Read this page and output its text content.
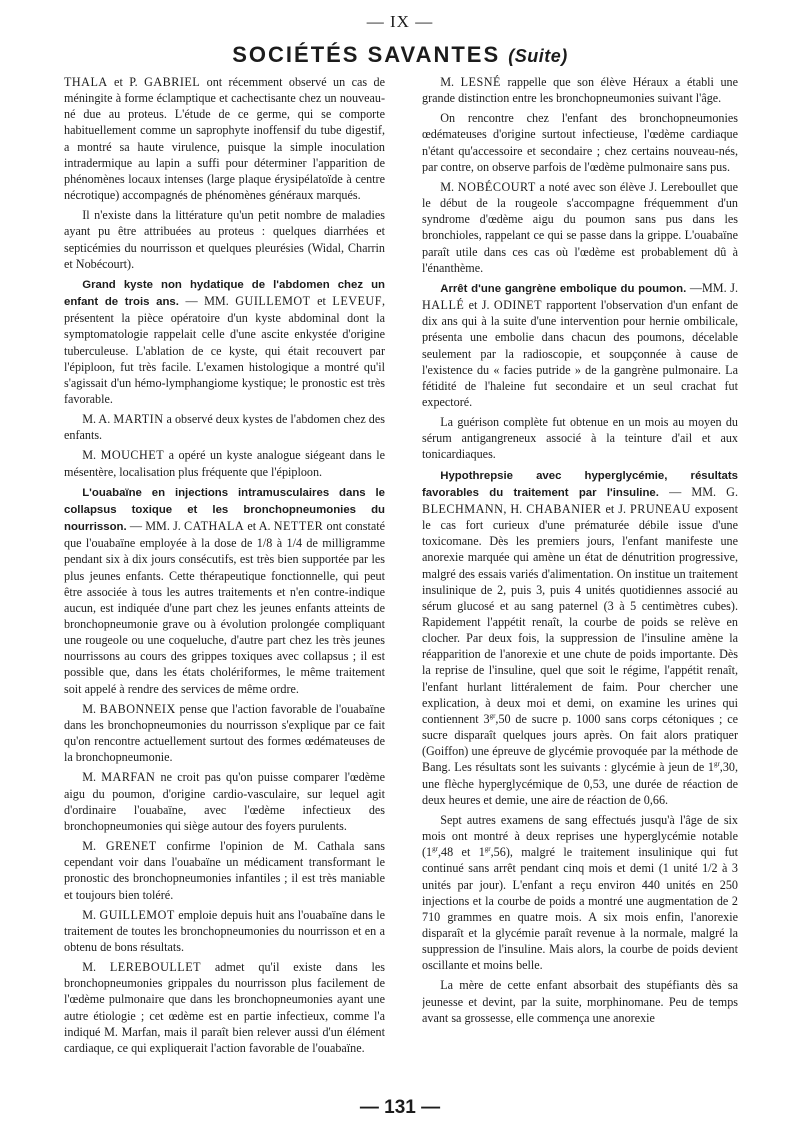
— IX —
SOCIÉTÉS SAVANTES (Suite)

THALA et P. GABRIEL ont récemment observé un cas de méningite à forme éclamptique et cachectisante chez un nouveau-né due au proteus. L'étude de ce germe, qui se comporte habituellement comme un saprophyte inoffensif du tube digestif, a montré sa haute virulence, puisque la simple inoculation intradermique au lapin a suffi pour déterminer l'apparition de phénomènes locaux intenses (large plaque érysipélatoïde à centre nécrotique) accompagnés de phénomènes généraux marqués.

Il n'existe dans la littérature qu'un petit nombre de maladies ayant pu être attribuées au proteus : quelques diarrhées et septicémies du nourrisson et quelques pleurésies (Widal, Charrin et Nobécourt).

Grand kyste non hydatique de l'abdomen chez un enfant de trois ans. — MM. GUILLEMOT et LEVEUF, présentent la pièce opératoire d'un kyste abdominal dont la symptomatologie rappelait celle d'une ascite enkystée d'origine tuberculeuse. L'ablation de ce kyste, qui était recouvert par l'épiploon, fut très facile. L'examen histologique a montré qu'il s'agissait d'un hémo-lymphangiome kystique; le pronostic est très favorable.

M. A. MARTIN a observé deux kystes de l'abdomen chez des enfants.

M. MOUCHET a opéré un kyste analogue siégeant dans le mésentère, localisation plus fréquente que l'épiploon.

L'ouabaïne en injections intramusculaires dans le collapsus toxique et les bronchopneumonies du nourrisson. — MM. J. CATHALA et A. NETTER ont constaté que l'ouabaïne employée à la dose de 1/8 à 1/4 de milligramme pendant six à dix jours consécutifs, est très bien supportée par les plus jeunes enfants. Cette thérapeutique fonctionnelle, qui peut être associée à tous les autres traitements et n'en contre-indique aucun, est indiquée d'une part chez les jeunes enfants atteints de bronchopneumonie grave ou à évolution prolongée compliquant une rougeole ou une coqueluche, d'autre part chez les très jeunes nourrissons au cours des grippes toxiques avec collapsus ; il est possible que, dans les états cholériformes, le même traitement soit appelé à rendre des services de même ordre.

M. BABONNEIX pense que l'action favorable de l'ouabaïne dans les bronchopneumonies du nourrisson s'explique par ce fait qu'on rencontre actuellement surtout des formes œdémateuses de la bronchopneumonie.

M. MARFAN ne croit pas qu'on puisse comparer l'œdème aigu du poumon, d'origine cardio-vasculaire, sur lequel agit d'ordinaire l'ouabaïne, avec l'œdème infectieux des bronchopneumonies qui siège autour des foyers purulents.

M. GRENET confirme l'opinion de M. Cathala sans cependant voir dans l'ouabaïne un médicament transformant le pronostic des bronchopneumonies infantiles ; il est très maniable et toujours bien toléré.

M. GUILLEMOT emploie depuis huit ans l'ouabaïne dans le traitement de toutes les bronchopneumonies du nourrisson et en a obtenu de bons résultats.

M. LEREBOULLET admet qu'il existe dans les bronchopneumonies grippales du nourrisson plus facilement de l'œdème pulmonaire que dans les bronchopneumonies ayant une autre étiologie ; cet œdème est en partie infectieux, comme l'a indiqué M. Marfan, mais il paraît bien relever aussi d'un élément cardiaque, ce qui expliquerait l'action favorable de l'ouabaïne.

M. LESNÉ rappelle que son élève Héraux a établi une grande distinction entre les bronchopneumonies suivant l'âge.

On rencontre chez l'enfant des bronchopneumonies œdémateuses d'origine surtout infectieuse, l'œdème cardiaque n'étant qu'accessoire et secondaire ; chez certains nouveau-nés, par contre, on observe parfois de l'œdème pulmonaire sans pus.

M. NOBÉCOURT a noté avec son élève J. Lereboullet que le début de la rougeole s'accompagne fréquemment d'un syndrome d'œdème aigu du poumon sans pus dans les bronchioles, rappelant ce qui se passe dans la grippe. L'ouabaïne paraît utile dans ces cas où l'œdème est probablement dû à l'énanthème.

Arrêt d'une gangrène embolique du poumon. —MM. J. HALLÉ et J. ODINET rapportent l'observation d'un enfant de dix ans qui à la suite d'une intervention pour hernie ombilicale, présenta une embolie dans chacun des poumons, décelable seulement par la radioscopie, et soupçonnée à cause de l'existence du « facies putride » de la gangrène pulmonaire. La fétidité de l'haleine fut secondaire et un seul crachat fut expectoré.

La guérison complète fut obtenue en un mois au moyen du sérum antigangreneux associé à la teinture d'ail et aux tonicardiaques.

Hypothrepsie avec hyperglycémie, résultats favorables du traitement par l'insuline. — MM. G. BLECHMANN, H. CHABANIER et J. PRUNEAU exposent le cas fort curieux d'une prématurée débile issue d'une toxicomane. Dès les premiers jours, l'enfant manifeste une anorexie marquée qui amène un état de dénutrition progressive, malgré des essais variés d'alimentation. On institue un traitement insulinique de 2, puis 3, puis 4 unités quotidiennes associé au sérum glucosé et au sang paternel (3 à 5 centimètres cubes). Rapidement l'appétit renaît, la courbe de poids se relève en clocher. Par deux fois, la suppression de l'insuline amène la réapparition de l'anorexie et une chute de poids importante. Dès la reprise de l'insuline, quel que soit le régime, l'appétit renaît, l'enfant hurlant littéralement de faim. Pour chercher une explication, à deux moi et demi, on examine les urines qui contiennent $3^{gr},50$ de sucre p. 1000 sans corps cétoniques ; ce sucre disparaît quelques jours après. On fait alors pratiquer (Goiffon) une épreuve de glycémie provoquée par la méthode de Bang. Les résultats sont les suivants : glycémie à jeun de $1^{gr},30$, une flèche hyperglycémique de 0,53, une durée de réaction de deux heures et demie, une aire de réaction de 0,66.

Sept autres examens de sang effectués jusqu'à l'âge de six mois ont montré à deux reprises une hyperglycémie notable ($1^{gr},48$ et $1^{gr},56$), malgré le traitement insulinique qui fut continué sans arrêt pendant cinq mois et demi (1 unité 1/2 à 3 unités par jour). L'enfant a reçu environ 440 unités en 250 injections et la courbe de poids a montré une augmentation de 2 710 grammes en quatre mois. A six mois enfin, l'anorexie disparaît et la glycémie paraît revenue à la normale, malgré la suppression de l'insuline. Mais alors, la courbe de poids devient oscillante et moins belle.

La mère de cette enfant absorbait des stupéfiants dès sa jeunesse et devint, par la suite, morphinomane. Peu de temps avant sa grossesse, elle commença une anorexie

— 131 —
